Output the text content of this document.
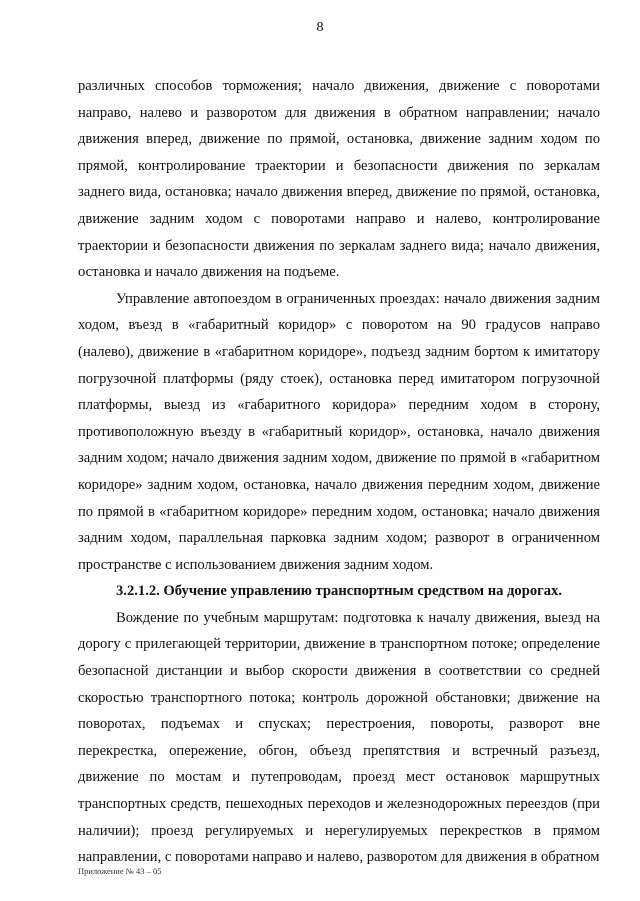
8

различных способов торможения; начало движения, движение с поворотами направо, налево и разворотом для движения в обратном направлении; начало движения вперед, движение по прямой, остановка, движение задним ходом по прямой, контролирование траектории и безопасности движения по зеркалам заднего вида, остановка; начало движения вперед, движение по прямой, остановка, движение задним ходом с поворотами направо и налево, контролирование траектории и безопасности движения по зеркалам заднего вида; начало движения, остановка и начало движения на подъеме.

Управление автопоездом в ограниченных проездах: начало движения задним ходом, въезд в «габаритный коридор» с поворотом на 90 градусов направо (налево), движение в «габаритном коридоре», подъезд задним бортом к имитатору погрузочной платформы (ряду стоек), остановка перед имитатором погрузочной платформы, выезд из «габаритного коридора» передним ходом в сторону, противоположную въезду в «габаритный коридор», остановка, начало движения задним ходом; начало движения задним ходом, движение по прямой в «габаритном коридоре» задним ходом, остановка, начало движения передним ходом, движение по прямой в «габаритном коридоре» передним ходом, остановка; начало движения задним ходом, параллельная парковка задним ходом; разворот в ограниченном пространстве с использованием движения задним ходом.

3.2.1.2. Обучение управлению транспортным средством на дорогах.

Вождение по учебным маршрутам: подготовка к началу движения, выезд на дорогу с прилегающей территории, движение в транспортном потоке; определение безопасной дистанции и выбор скорости движения в соответствии со средней скоростью транспортного потока; контроль дорожной обстановки; движение на поворотах, подъемах и спусках; перестроения, повороты, разворот вне перекрестка, опережение, обгон, объезд препятствия и встречный разъезд, движение по мостам и путепроводам, проезд мест остановок маршрутных транспортных средств, пешеходных переходов и железнодорожных переездов (при наличии); проезд регулируемых и нерегулируемых перекрестков в прямом направлении, с поворотами направо и налево, разворотом для движения в обратном

Приложение № 43 – 05
